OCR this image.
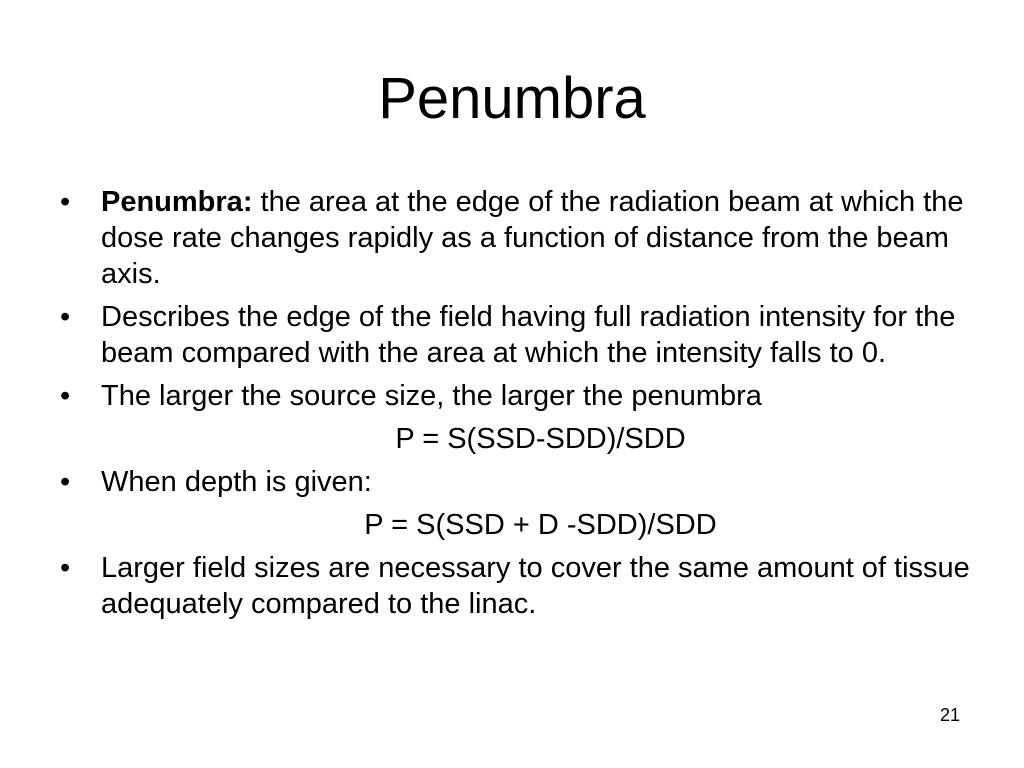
Penumbra
•	Penumbra: the area at the edge of the radiation beam at which the dose rate changes rapidly as a function of distance from the beam axis.
•	Describes the edge of the field having full radiation intensity for the beam compared with the area at which the intensity falls to 0.
•	The larger the source size, the larger the penumbra
P = S(SSD-SDD)/SDD
•	When depth is given:
P = S(SSD + D -SDD)/SDD
•	Larger field sizes are necessary to cover the same amount of tissue adequately compared to the linac.
21
